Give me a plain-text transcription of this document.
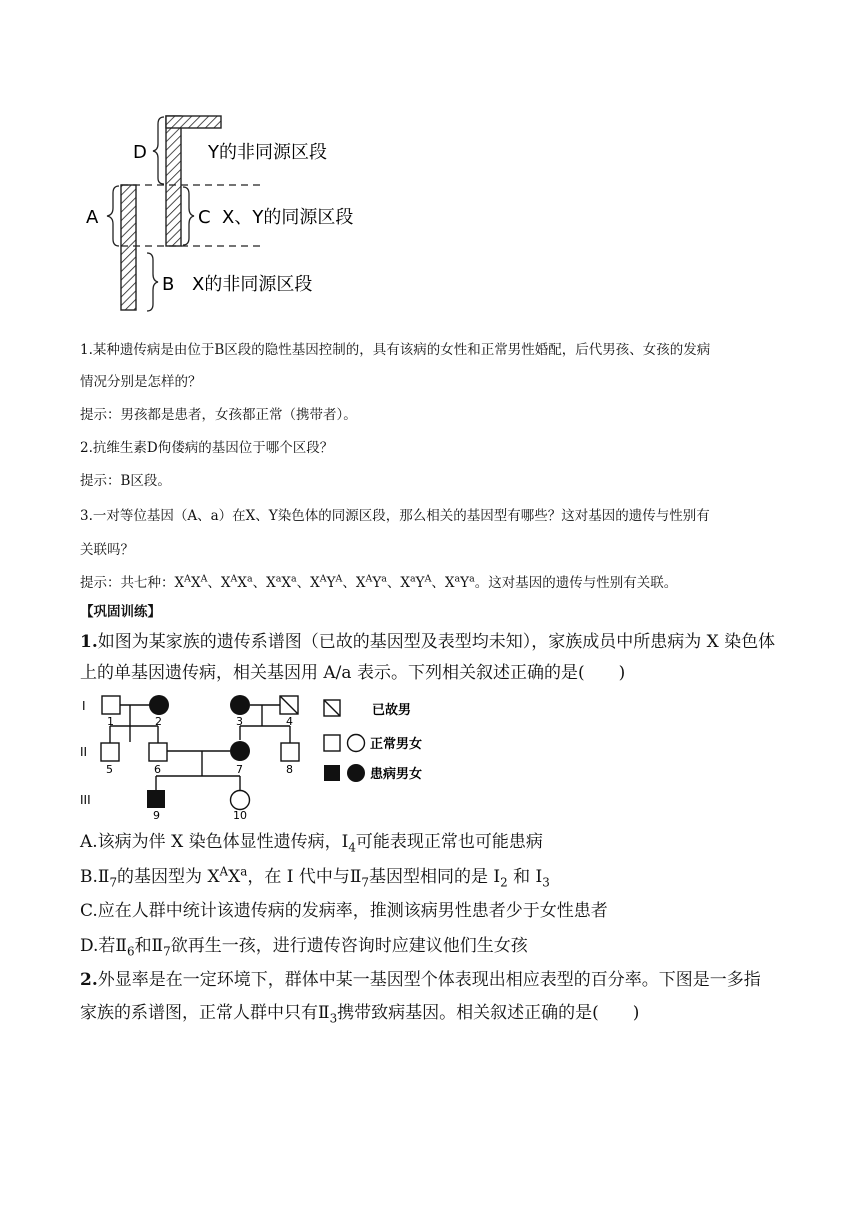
D
A	C
B
Y的非同源区段
X、Y的同源区段
X的非同源区段
1.某种遗传病是由位于B区段的隐性基因控制的，具有该病的女性和正常男性婚配，后代男孩、女孩的发病
情况分别是怎样的？
提示：男孩都是患者，女孩都正常（携带者）。
2.抗维生素D佝偻病的基因位于哪个区段？
提示：B区段。
3.一对等位基因（A、a）在X、Y染色体的同源区段，那么相关的基因型有哪些？这对基因的遗传与性别有
关联吗？
提示：共七种：$X^AX^A$、$X^AX^a$、$X^aX^a$、$X^AY^A$、$X^AY^a$、$X^aY^A$、$X^aY^a$。这对基因的遗传与性别有关联。
【巩固训练】
1.如图为某家族的遗传系谱图（已故的基因型及表型均未知），家族成员中所患病为 X 染色体
上的单基因遗传病，相关基因用 A/a 表示。下列相关叙述正确的是(　　)
I
II
III
1	2	3	4
5	6	7	8
9	10
已故男
正常男女
患病男女
A.该病为伴 X 染色体显性遗传病，$I_4$可能表现正常也可能患病
$B.Ⅱ_7$的基因型为 $X^AX^a$，在 I 代中与$Ⅱ_7$基因型相同的是 $I_2$ 和 $I_3$
C.应在人群中统计该遗传病的发病率，推测该病男性患者少于女性患者
D.若$Ⅱ_6$和$Ⅱ_7$欲再生一孩，进行遗传咨询时应建议他们生女孩
2.外显率是在一定环境下，群体中某一基因型个体表现出相应表型的百分率。下图是一多指
家族的系谱图，正常人群中只有$Ⅱ_3$携带致病基因。相关叙述正确的是(　　)
